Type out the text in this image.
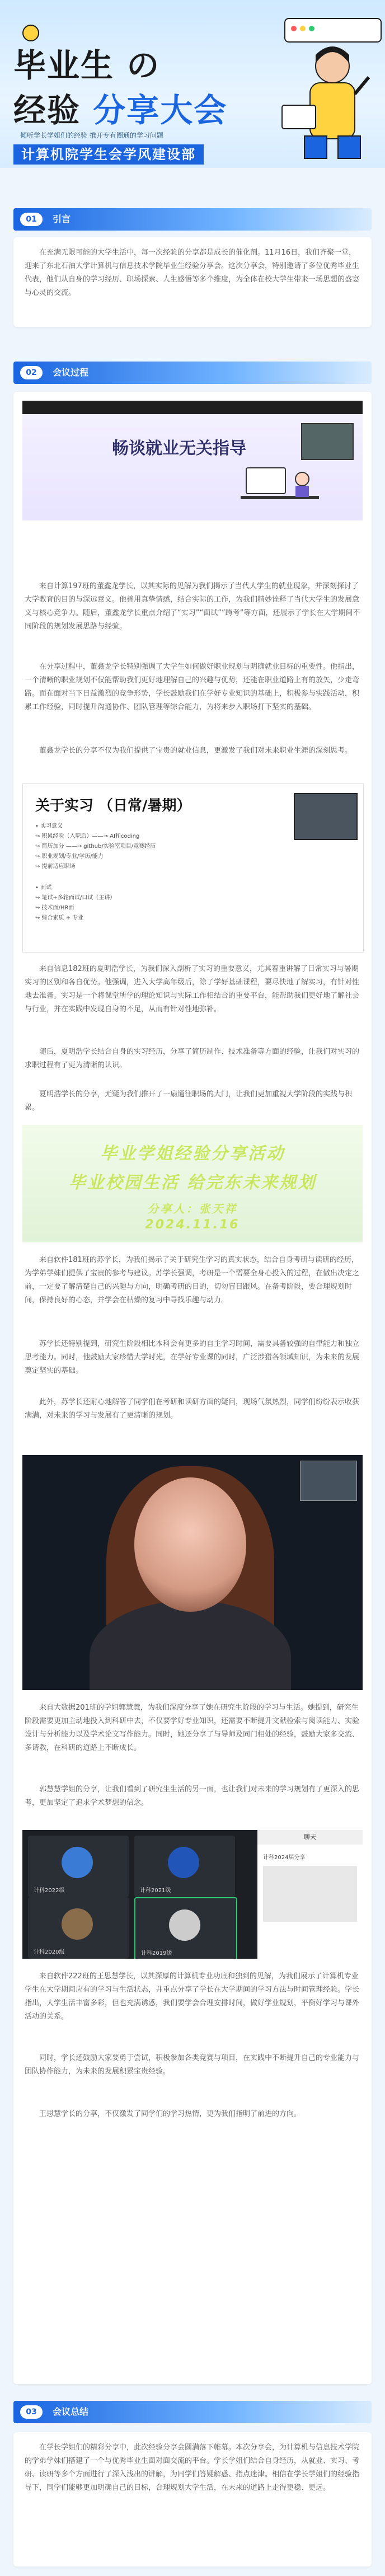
毕业生 の
经验 分享大会
倾听学长学姐们的经验 推开专有圈通的学习问题
计算机院学生会学风建设部
01	引言
在充满无限可能的大学生活中，每一次经验的分享都是成长的催化剂。11月16日，我们齐聚一堂，迎来了东北石油大学计算机与信息技术学院毕业生经验分享会。这次分享会，特别邀请了多位优秀毕业生代表，他们从自身的学习经历、职场探索、人生感悟等多个维度，为全体在校大学生带来一场思想的盛宴与心灵的交流。
02	会议过程
畅谈就业无关指导
来自计算197班的董鑫龙学长，以其实际的见解为我们揭示了当代大学生的就业现象，并深刻探讨了大学教育的目的与深远意义。他善用真挚情感，结合实际的工作，为我们精妙诠释了当代大学生的发展意义与核心竞争力。随后，董鑫龙学长重点介绍了“实习”“面试”“跨考”等方面，还展示了学长在大学期间不同阶段的规划发展思路与经验。
在分享过程中，董鑫龙学长特别强调了大学生如何做好职业规划与明确就业目标的重要性。他指出，一个清晰的职业规划不仅能帮助我们更好地理解自己的兴趣与优势，还能在职业道路上有的放矢，少走弯路。而在面对当下日益激烈的竞争形势，学长鼓励我们在学好专业知识的基础上，积极参与实践活动，积累工作经验，同时提升沟通协作、团队管理等综合能力，为将来步入职场打下坚实的基础。
董鑫龙学长的分享不仅为我们提供了宝贵的就业信息，更激发了我们对未来职业生涯的深刻思考。
关于实习 （日常/暑期）
• 实习意义
↪ 积累经验（入职后）——→ AI和coding
↪ 简历加分 ——→ github/实验室项目/竞赛经历
↪ 职业规划/专业/学历/能力
↪ 提前适应职场
• 面试
↪ 笔试+多轮面试/口试（主讲）
↪ 技术面/HR面
↪ 综合素质 + 专业
来自信息182班的夏明浩学长，为我们深入剖析了实习的重要意义，尤其着重讲解了日常实习与暑期实习的区别和各自优势。他强调，进入大学高年级后，除了学好基础课程，要尽快地了解实习，有针对性地去准备。实习是一个将课堂所学的理论知识与实际工作相结合的重要平台，能帮助我们更好地了解社会与行业，并在实践中发现自身的不足，从而有针对性地弥补。
随后，夏明浩学长结合自身的实习经历，分享了简历制作、技术准备等方面的经验，让我们对实习的求职过程有了更为清晰的认识。
夏明浩学长的分享，无疑为我们推开了一扇通往职场的大门，让我们更加重视大学阶段的实践与积累。
毕业学姐经验分享活动
毕业校园生活 给完东未来规划
分享人：张天祥
2024.11.16
来自软件181班的苏学长，为我们揭示了关于研究生学习的真实状态，结合自身考研与读研的经历，为学弟学妹们提供了宝贵的参考与建议。苏学长强调，考研是一个需要全身心投入的过程，在做出决定之前，一定要了解清楚自己的兴趣与方向，明确考研的目的，切勿盲目跟风。在备考阶段，要合理规划时间，保持良好的心态，并学会在枯燥的复习中寻找乐趣与动力。
苏学长还特别提到，研究生阶段相比本科会有更多的自主学习时间，需要具备较强的自律能力和独立思考能力。同时，他鼓励大家珍惜大学时光，在学好专业课的同时，广泛涉猎各领域知识，为未来的发展奠定坚实的基础。
此外，苏学长还耐心地解答了同学们在考研和读研方面的疑问，现场气氛热烈，同学们纷纷表示收获满满，对未来的学习与发展有了更清晰的规划。
来自大数据201班的学姐郭慧慧，为我们深度分享了她在研究生阶段的学习与生活。她提到，研究生阶段需要更加主动地投入到科研中去，不仅要学好专业知识，还需要不断提升文献检索与阅读能力、实验设计与分析能力以及学术论文写作能力。同时，她还分享了与导师及同门相处的经验，鼓励大家多交流、多请教，在科研的道路上不断成长。
郭慧慧学姐的分享，让我们看到了研究生生活的另一面，也让我们对未来的学习规划有了更深入的思考，更加坚定了追求学术梦想的信念。
计科2022级	计科2021级
计科2020级	计科2019级
聊天
计科2024届分享
来自软件222班的王思慧学长，以其深厚的计算机专业功底和独到的见解，为我们展示了计算机专业学生在大学期间应有的学习与生活状态，并重点分享了学长在大学期间的学习方法与时间管理经验。学长指出，大学生活丰富多彩，但也充满诱惑，我们要学会合理安排时间，做好学业规划，平衡好学习与课外活动的关系。
同时，学长还鼓励大家要勇于尝试，积极参加各类竞赛与项目，在实践中不断提升自己的专业能力与团队协作能力，为未来的发展积累宝贵经验。
王思慧学长的分享，不仅激发了同学们的学习热情，更为我们指明了前进的方向。
03	会议总结
在学长学姐们的精彩分享中，此次经验分享会圆满落下帷幕。本次分享会，为计算机与信息技术学院的学弟学妹们搭建了一个与优秀毕业生面对面交流的平台。学长学姐们结合自身经历，从就业、实习、考研、读研等多个方面进行了深入浅出的讲解，为同学们答疑解惑、指点迷津。相信在学长学姐们的经验指导下，同学们能够更加明确自己的目标，合理规划大学生活，在未来的道路上走得更稳、更远。
